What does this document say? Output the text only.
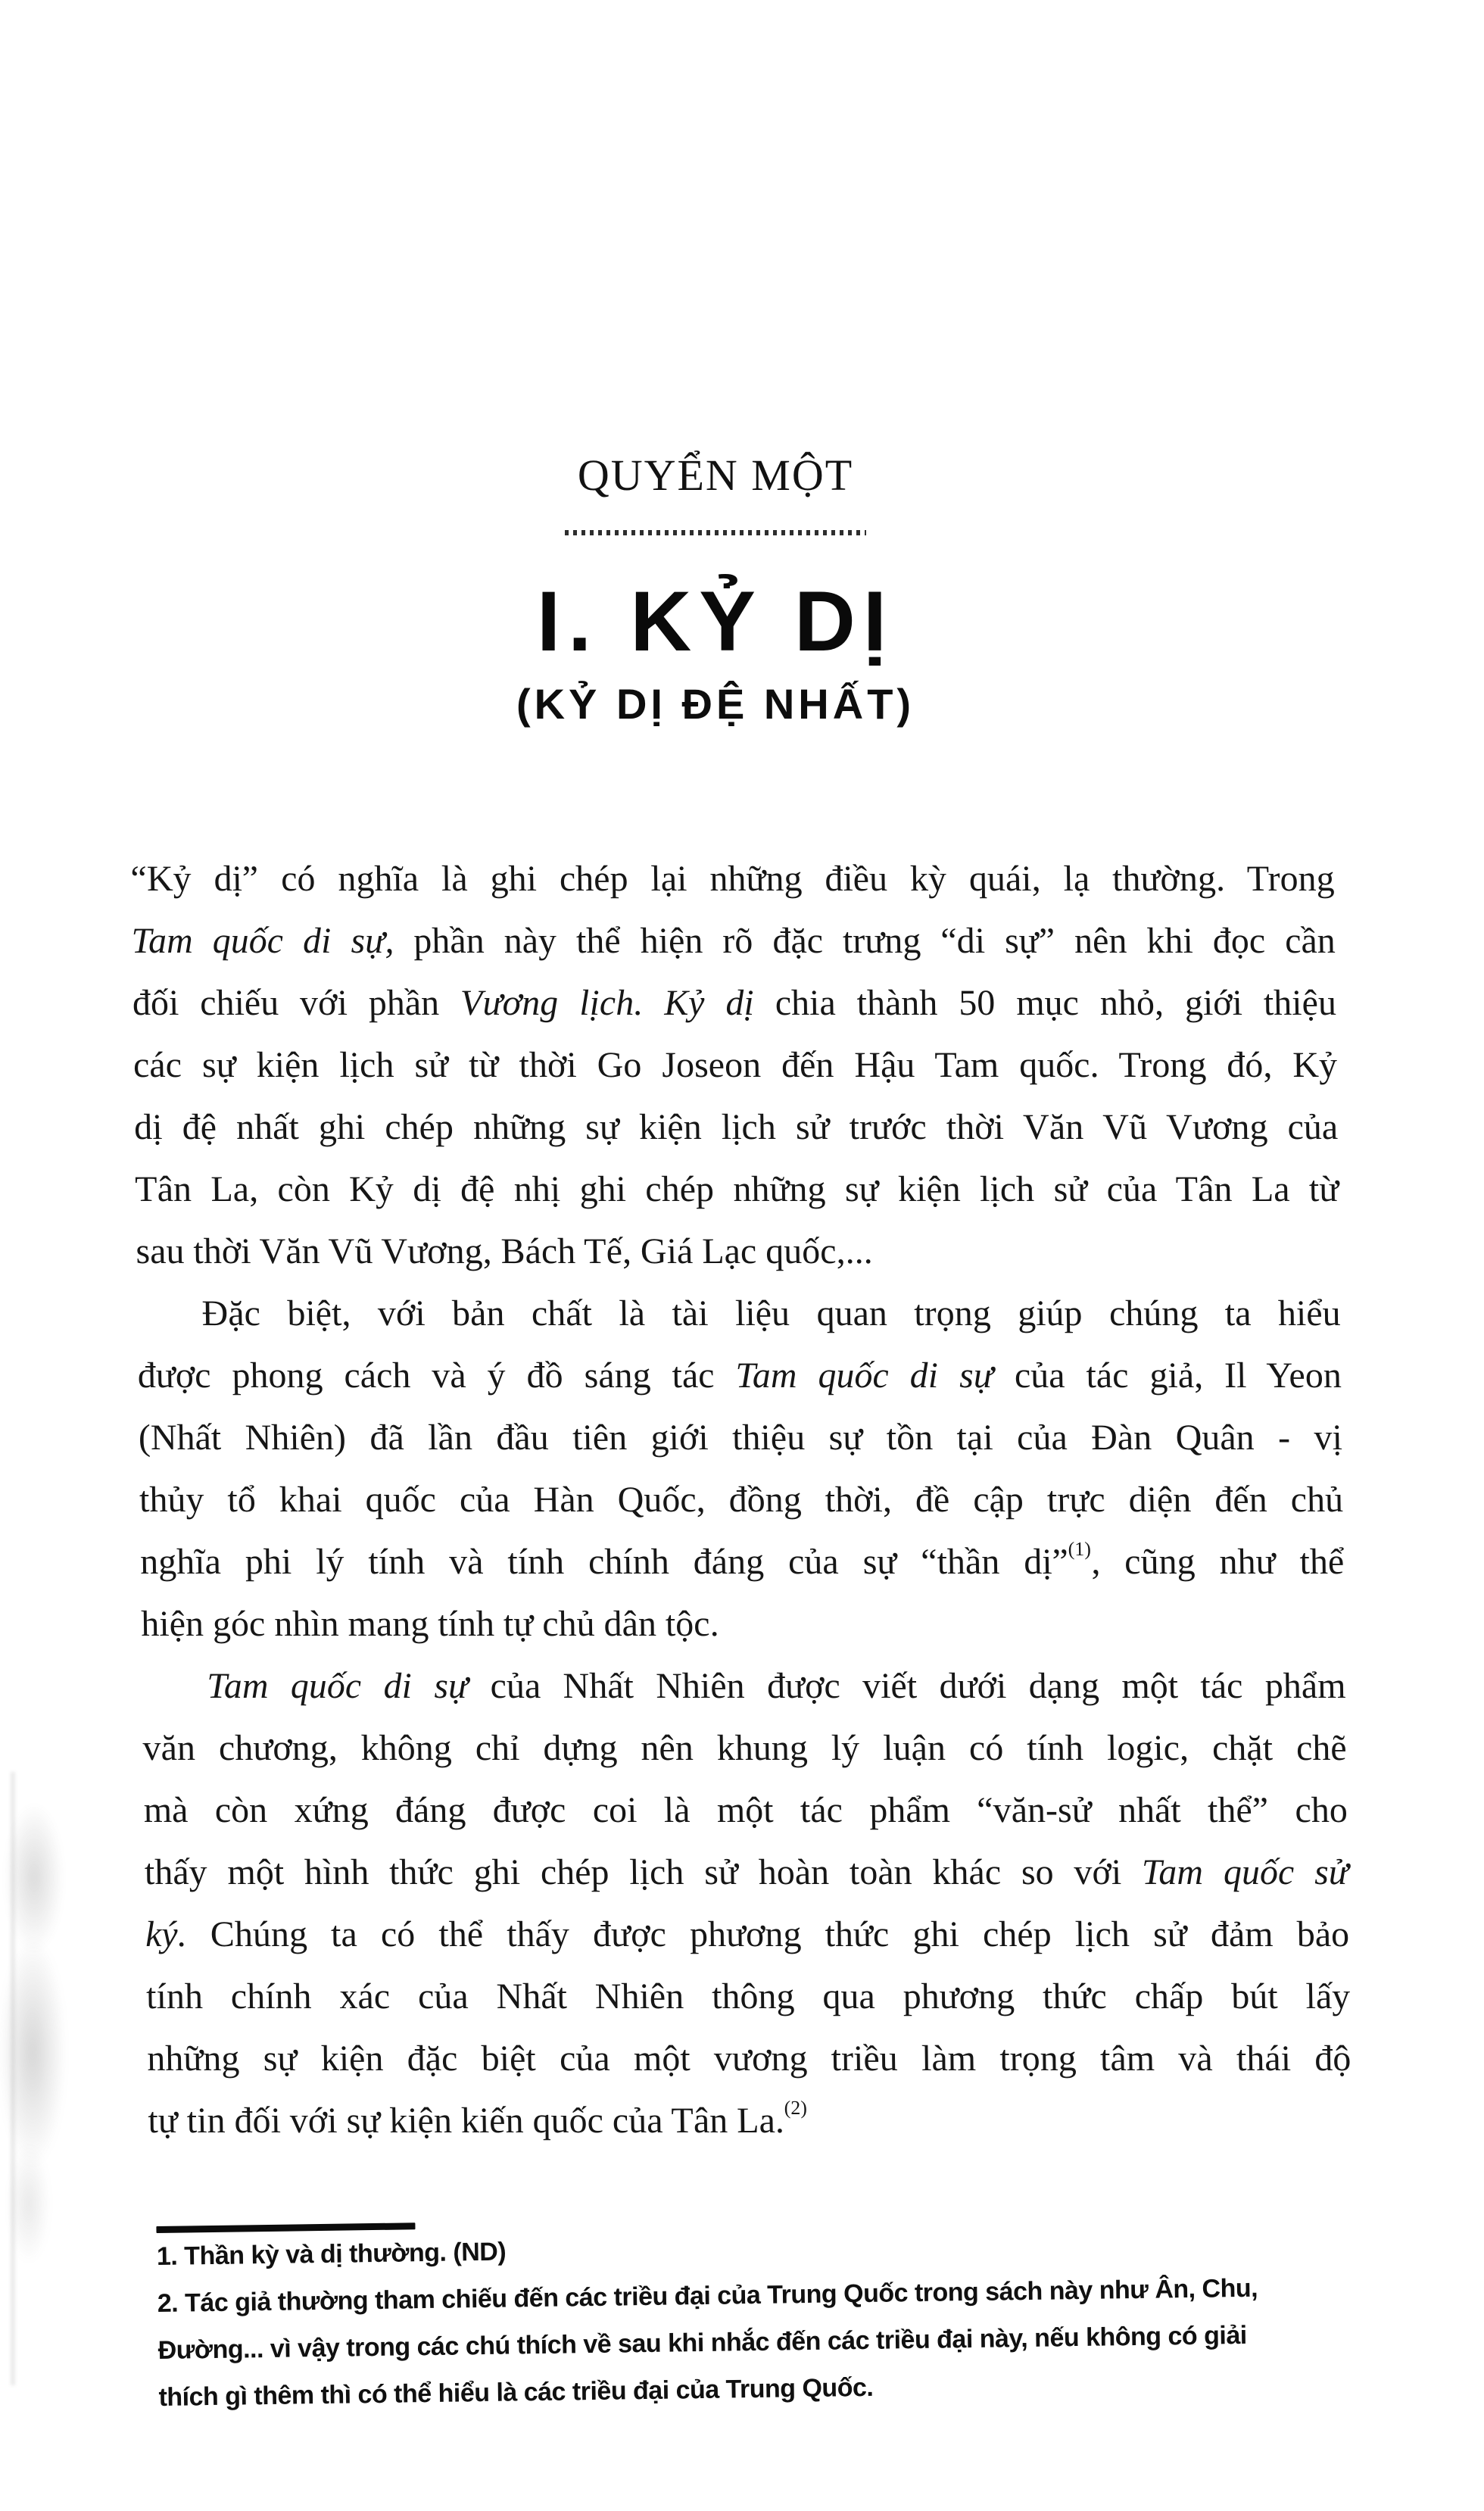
QUYỂN MỘT
I. KỶ DỊ
(KỶ DỊ ĐỆ NHẤT)
“Kỷ dị” có nghĩa là ghi chép lại những điều kỳ quái, lạ thường. Trong
Tam quốc di sự, phần này thể hiện rõ đặc trưng “di sự” nên khi đọc cần
đối chiếu với phần Vương lịch. Kỷ dị chia thành 50 mục nhỏ, giới thiệu
các sự kiện lịch sử từ thời Go Joseon đến Hậu Tam quốc. Trong đó, Kỷ
dị đệ nhất ghi chép những sự kiện lịch sử trước thời Văn Vũ Vương của
Tân La, còn Kỷ dị đệ nhị ghi chép những sự kiện lịch sử của Tân La từ
sau thời Văn Vũ Vương, Bách Tế, Giá Lạc quốc,...
Đặc biệt, với bản chất là tài liệu quan trọng giúp chúng ta hiểu
được phong cách và ý đồ sáng tác Tam quốc di sự của tác giả, Il Yeon
(Nhất Nhiên) đã lần đầu tiên giới thiệu sự tồn tại của Đàn Quân - vị
thủy tổ khai quốc của Hàn Quốc, đồng thời, đề cập trực diện đến chủ
nghĩa phi lý tính và tính chính đáng của sự “thần dị”$^{(1)}$, cũng như thể
hiện góc nhìn mang tính tự chủ dân tộc.
Tam quốc di sự của Nhất Nhiên được viết dưới dạng một tác phẩm
văn chương, không chỉ dựng nên khung lý luận có tính logic, chặt chẽ
mà còn xứng đáng được coi là một tác phẩm “văn-sử nhất thể” cho
thấy một hình thức ghi chép lịch sử hoàn toàn khác so với Tam quốc sử
ký. Chúng ta có thể thấy được phương thức ghi chép lịch sử đảm bảo
tính chính xác của Nhất Nhiên thông qua phương thức chấp bút lấy
những sự kiện đặc biệt của một vương triều làm trọng tâm và thái độ
tự tin đối với sự kiện kiến quốc của Tân La.$^{(2)}$
1. Thần kỳ và dị thường. (ND)
2. Tác giả thường tham chiếu đến các triều đại của Trung Quốc trong sách này như Ân, Chu,
Đường... vì vậy trong các chú thích về sau khi nhắc đến các triều đại này, nếu không có giải
thích gì thêm thì có thể hiểu là các triều đại của Trung Quốc.
